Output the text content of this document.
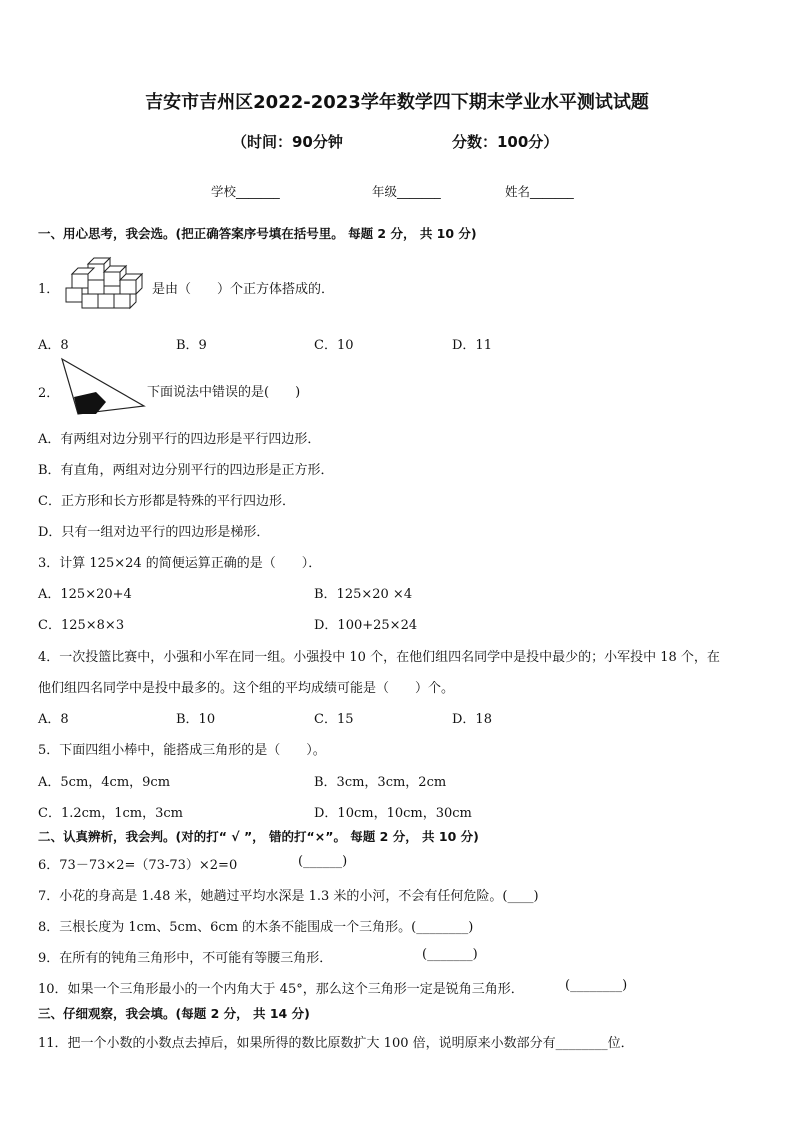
吉安市吉州区2022-2023学年数学四下期末学业水平测试试题
（时间：90分钟	分数：100分）
学校_______	年级_______	姓名_______
一、用心思考，我会选。(把正确答案序号填在括号里。 每题 2 分， 共 10 分)
1．	是由（　　）个正方体搭成的．
A．8	B．9	C．10	D．11
2．	下面说法中错误的是(　　)
A．有两组对边分别平行的四边形是平行四边形．
B．有直角，两组对边分别平行的四边形是正方形．
C．正方形和长方形都是特殊的平行四边形．
D．只有一组对边平行的四边形是梯形．
3．计算 125×24 的简便运算正确的是（　　）．
A．125×20+4	B．125×20 ×4
C．125×8×3	D．100+25×24
4．一次投篮比赛中，小强和小军在同一组。小强投中 10 个，在他们组四名同学中是投中最少的；小军投中 18 个，在
他们组四名同学中是投中最多的。这个组的平均成绩可能是（　　）个。
A．8	B．10	C．15	D．18
5．下面四组小棒中，能搭成三角形的是（　　）。
A．5cm，4cm，9cm	B．3cm，3cm，2cm
C．1.2cm，1cm，3cm	D．10cm，10cm，30cm
二、认真辨析，我会判。(对的打“ √ ”， 错的打“×”。 每题 2 分， 共 10 分)
6．73－73×2=（73-73）×2=0	(______)
7．小花的身高是 1.48 米，她趟过平均水深是 1.3 米的小河，不会有任何危险。(____)
8．三根长度为 1cm、5cm、6cm 的木条不能围成一个三角形。(________)
9．在所有的钝角三角形中，不可能有等腰三角形．	(_______)
10．如果一个三角形最小的一个内角大于 45°，那么这个三角形一定是锐角三角形．	(________)
三、仔细观察，我会填。(每题 2 分， 共 14 分)
11．把一个小数的小数点去掉后，如果所得的数比原数扩大 100 倍，说明原来小数部分有________位．
